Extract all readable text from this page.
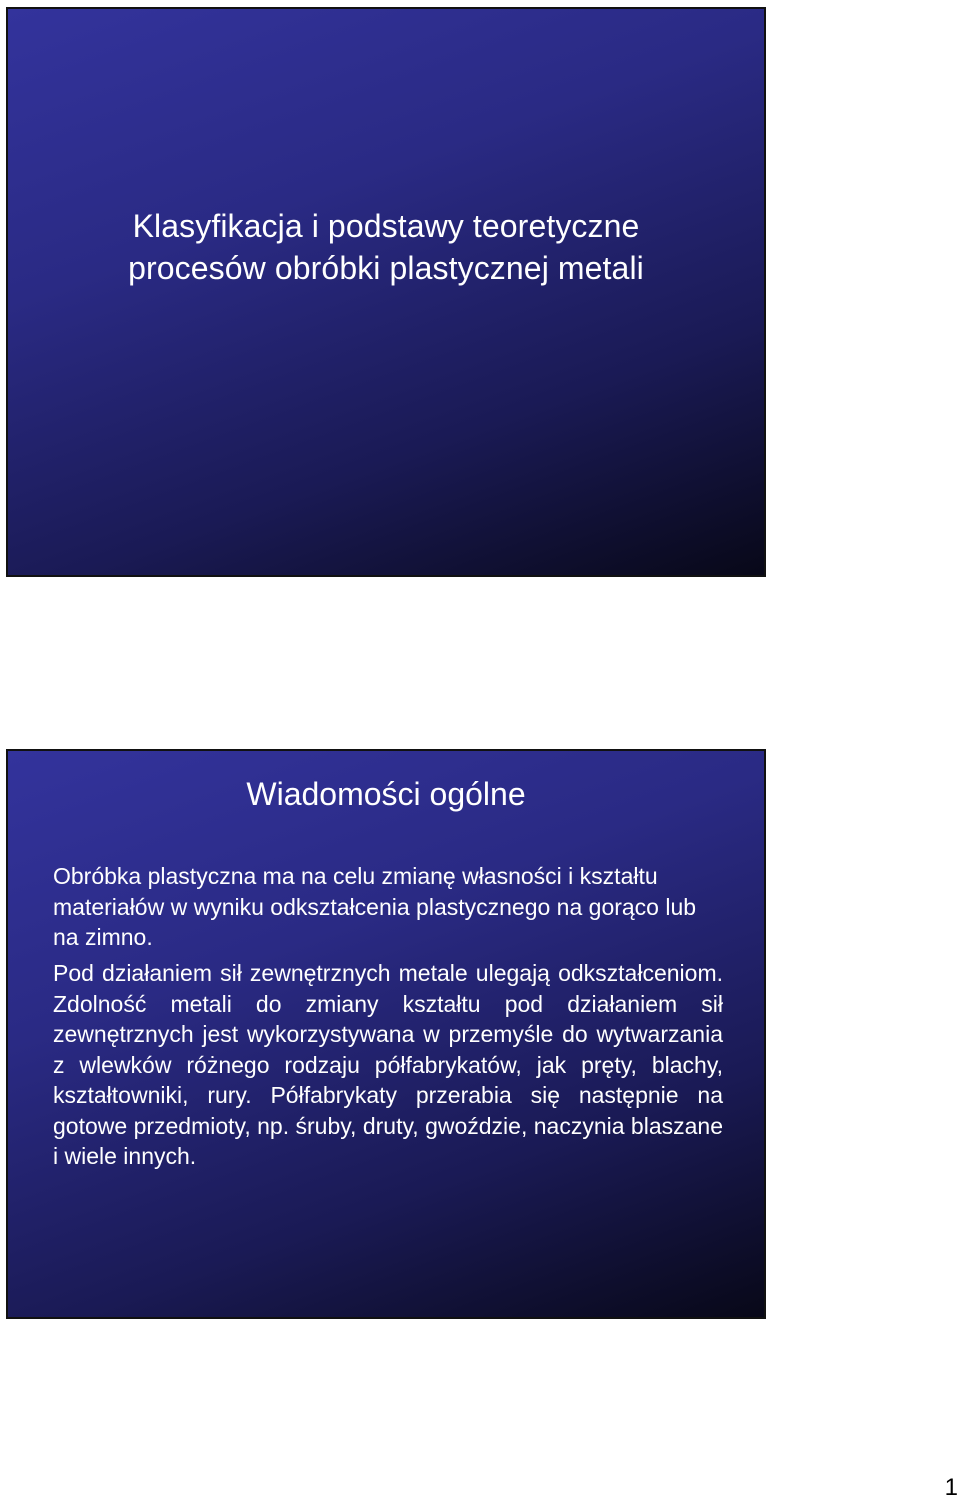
Klasyfikacja i podstawy teoretyczne
procesów obróbki plastycznej metali
Wiadomości ogólne

Obróbka plastyczna ma na celu zmianę własności i kształtu materiałów w wyniku odkształcenia plastycznego na gorąco lub na zimno.

Pod działaniem sił zewnętrznych metale ulegają odkształceniom. Zdolność metali do zmiany kształtu pod działaniem sił zewnętrznych jest wykorzystywana w przemyśle do wytwarzania z wlewków różnego rodzaju półfabrykatów, jak pręty, blachy, kształtowniki, rury. Półfabrykaty przerabia się następnie na gotowe przedmioty, np. śruby, druty, gwoździe, naczynia blaszane i wiele innych.

1
